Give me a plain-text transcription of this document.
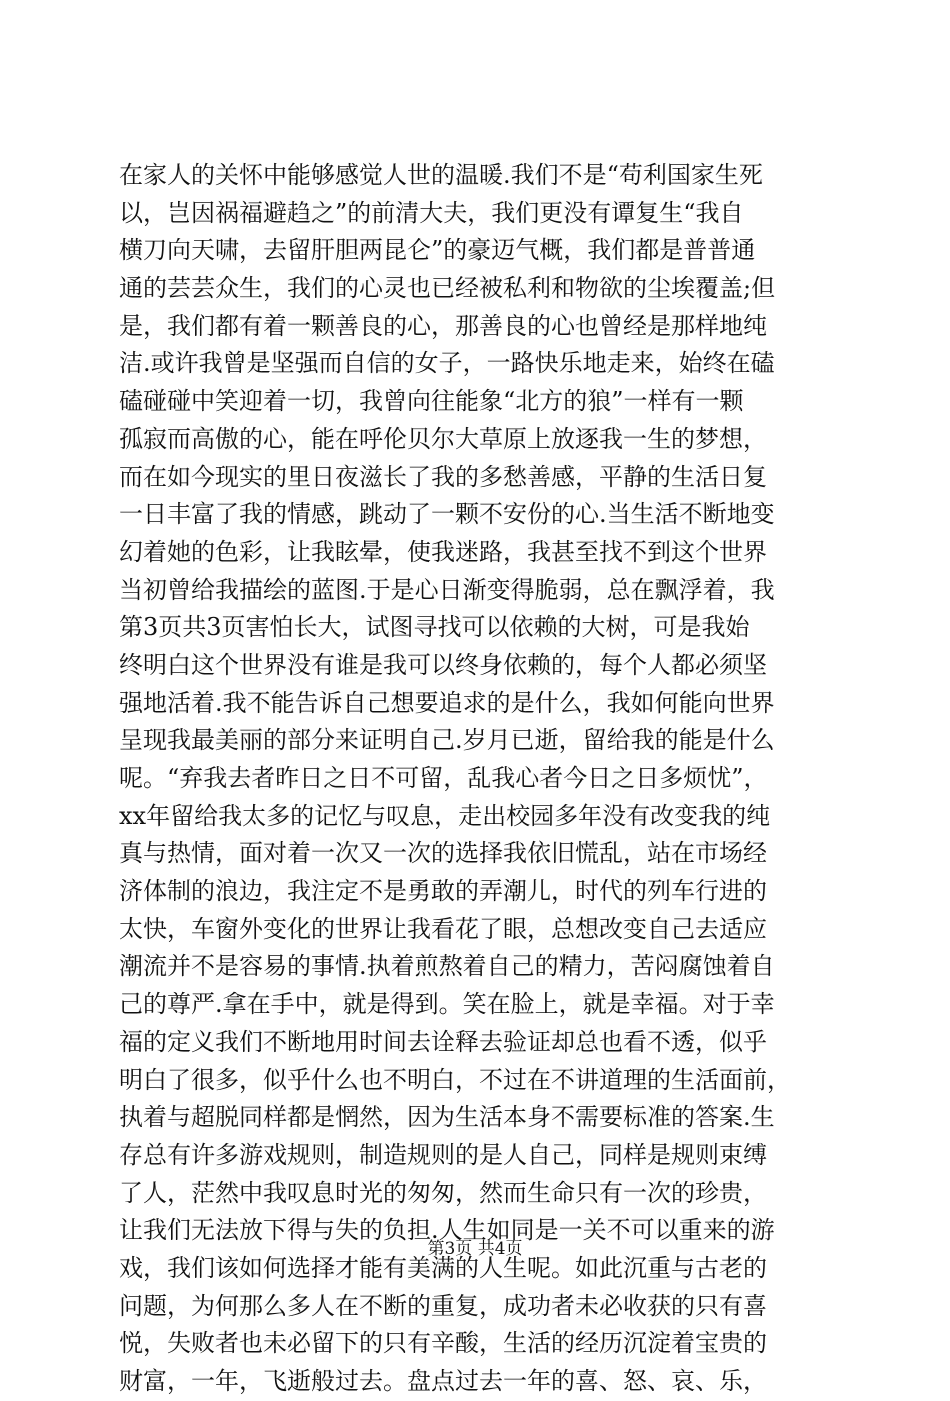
在家人的关怀中能够感觉人世的温暖.我们不是“苟利国家生死
以，岂因祸福避趋之”的前清大夫，我们更没有谭复生“我自
横刀向天啸，去留肝胆两昆仑”的豪迈气概，我们都是普普通
通的芸芸众生，我们的心灵也已经被私利和物欲的尘埃覆盖;但
是，我们都有着一颗善良的心，那善良的心也曾经是那样地纯
洁.或许我曾是坚强而自信的女子，一路快乐地走来，始终在磕
磕碰碰中笑迎着一切，我曾向往能象“北方的狼”一样有一颗
孤寂而高傲的心，能在呼伦贝尔大草原上放逐我一生的梦想，
而在如今现实的里日夜滋长了我的多愁善感，平静的生活日复
一日丰富了我的情感，跳动了一颗不安份的心.当生活不断地变
幻着她的色彩，让我眩晕，使我迷路，我甚至找不到这个世界
当初曾给我描绘的蓝图.于是心日渐变得脆弱，总在飘浮着，我
第3页共3页害怕长大，试图寻找可以依赖的大树，可是我始
终明白这个世界没有谁是我可以终身依赖的，每个人都必须坚
强地活着.我不能告诉自己想要追求的是什么，我如何能向世界
呈现我最美丽的部分来证明自己.岁月已逝，留给我的能是什么
呢。“弃我去者昨日之日不可留，乱我心者今日之日多烦忧”，
xx年留给我太多的记忆与叹息，走出校园多年没有改变我的纯
真与热情，面对着一次又一次的选择我依旧慌乱，站在市场经
济体制的浪边，我注定不是勇敢的弄潮儿，时代的列车行进的
太快，车窗外变化的世界让我看花了眼，总想改变自己去适应
潮流并不是容易的事情.执着煎熬着自己的精力，苦闷腐蚀着自
己的尊严.拿在手中，就是得到。笑在脸上，就是幸福。对于幸
福的定义我们不断地用时间去诠释去验证却总也看不透，似乎
明白了很多，似乎什么也不明白，不过在不讲道理的生活面前，
执着与超脱同样都是惘然，因为生活本身不需要标准的答案.生
存总有许多游戏规则，制造规则的是人自己，同样是规则束缚
了人，茫然中我叹息时光的匆匆，然而生命只有一次的珍贵，
让我们无法放下得与失的负担.人生如同是一关不可以重来的游
戏，我们该如何选择才能有美满的人生呢。如此沉重与古老的
问题，为何那么多人在不断的重复，成功者未必收获的只有喜
悦，失败者也未必留下的只有辛酸，生活的经历沉淀着宝贵的
财富，一年，飞逝般过去。盘点过去一年的喜、怒、哀、乐，
第3页 共4页
